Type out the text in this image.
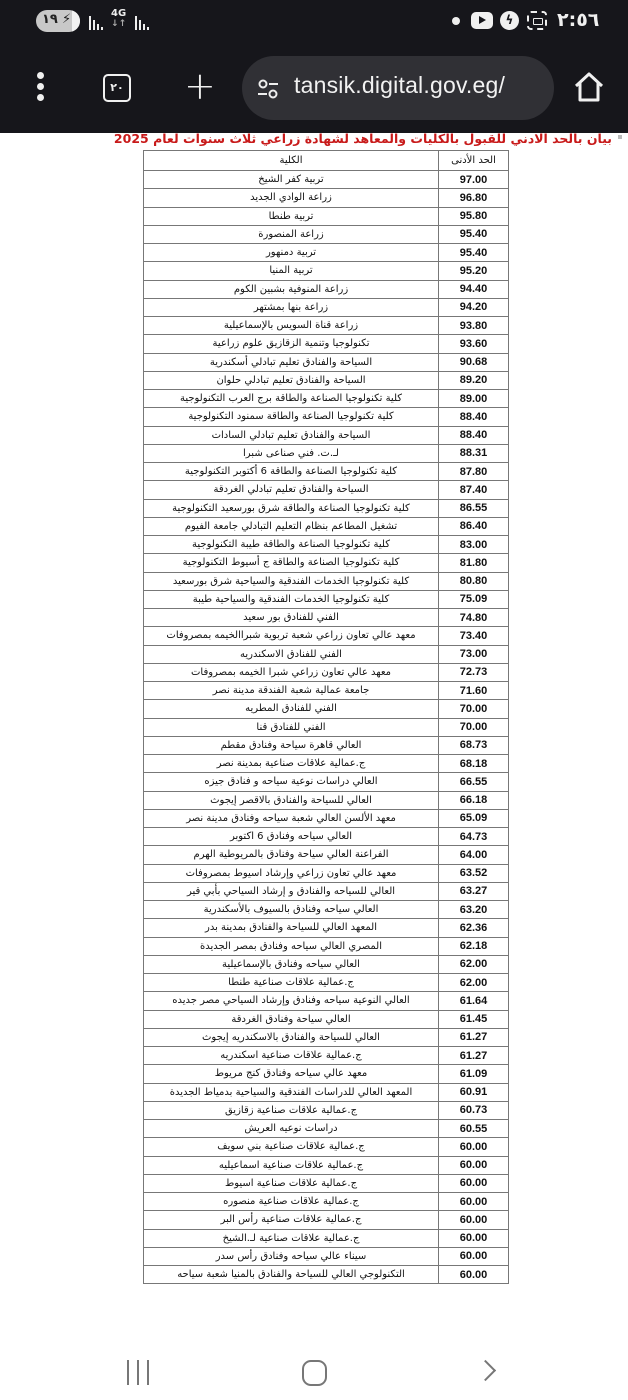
١٩ ⚡	4G
↓↑	ϟ ٢:٥٦
٢٠ +	tansik.digital.gov.eg/
بيان بالحد الادني للقبول بالكليات والمعاهد لشهادة زراعي ثلاث سنوات لعام 2025
الحد الأدنى	الكلية
97.00	تربية كفر الشيخ
96.80	زراعة الوادي الجديد
95.80	تربية طنطا
95.40	زراعة المنصورة
95.40	تربية دمنهور
95.20	تربية المنيا
94.40	زراعة المنوفية بشبين الكوم
94.20	زراعة بنها بمشتهر
93.80	زراعة قناة السويس بالإسماعيلية
93.60	تكنولوجيا وتنمية الزقازيق علوم زراعية
90.68	السياحة والفنادق تعليم تبادلي أسكندرية
89.20	السياحة والفنادق تعليم تبادلي حلوان
89.00	كلية تكنولوجيا الصناعة والطاقة برج العرب التكنولوجية
88.40	كلية تكنولوجيا الصناعة والطاقة سمنود التكنولوجية
88.40	السياحة والفنادق تعليم تبادلي السادات
88.31	لـ.ت. فني صناعى شبرا
87.80	كلية تكنولوجيا الصناعة والطاقة 6 أكتوبر التكنولوجية
87.40	السياحة والفنادق تعليم تبادلي الغردقة
86.55	كلية تكنولوجيا الصناعة والطاقة شرق بورسعيد التكنولوجية
86.40	تشغيل المطاعم بنظام التعليم التبادلي جامعة الفيوم
83.00	كلية تكنولوجيا الصناعة والطاقة طيبة التكنولوجية
81.80	كلية تكنولوجيا الصناعة والطاقة ج أسيوط التكنولوجية
80.80	كلية تكنولوجيا الخدمات الفندقية والسياحية شرق بورسعيد
75.09	كلية تكنولوجيا الخدمات الفندقية والسياحية طيبة
74.80	الفني للفنادق بور سعيد
73.40	معهد عالي تعاون زراعي شعبة تربوية شبراالخيمه بمصروفات
73.00	الفني للفنادق الاسكندريه
72.73	معهد عالي تعاون زراعي شبرا الخيمه بمصروفات
71.60	جامعة عمالية شعبة الفندقة مدينة نصر
70.00	الفني للفنادق المطريه
70.00	الفني للفنادق قنا
68.73	العالي قاهرة سياحة وفنادق مقطم
68.18	ج.عمالية علاقات صناعية بمدينة نصر
66.55	العالي دراسات نوعية سياحه و فنادق جيزه
66.18	العالي للسياحة والفنادق بالاقصر إيجوث
65.09	معهد الألسن العالي شعبة سياحه وفنادق مدينة نصر
64.73	العالي سياحه وفنادق 6 اكتوبر
64.00	الفراعنة العالي سياحة وفنادق بالمريوطية الهرم
63.52	معهد عالي تعاون زراعي وإرشاد اسيوط بمصروفات
63.27	العالي للسياحه والفنادق و إرشاد السياحي بأبي قير
63.20	العالي سياحه وفنادق بالسيوف بالأسكندرية
62.36	المعهد العالي للسياحة والفنادق بمدينة بدر
62.18	المصري العالي سياحه وفنادق بمصر الجديدة
62.00	العالي سياحه وفنادق بالإسماعيلية
62.00	ج.عمالية علاقات صناعية طنطا
61.64	العالي النوعية سياحه وفنادق وإرشاد السياحي مصر جديده
61.45	العالي سياحة وفنادق الغردقة
61.27	العالي للسياحة والفنادق بالاسكندريه إيجوث
61.27	ج.عمالية علاقات صناعية اسكندريه
61.09	معهد عالي سياحه وفنادق كنج مريوط
60.91	المعهد العالي للدراسات الفندقية والسياحية بدمياط الجديدة
60.73	ج.عمالية علاقات صناعية زقازيق
60.55	دراسات نوعيه العريش
60.00	ج.عمالية علاقات صناعية بني سويف
60.00	ج.عمالية علاقات صناعية اسماعيليه
60.00	ج.عمالية علاقات صناعية اسيوط
60.00	ج.عمالية علاقات صناعية منصوره
60.00	ج.عمالية علاقات صناعية رأس البر
60.00	ج.عمالية علاقات صناعية لـ.الشيخ
60.00	سيناء عالي سياحه وفنادق رأس سدر
60.00	التكنولوجي العالي للسياحة والفنادق بالمنيا شعبة سياحه
